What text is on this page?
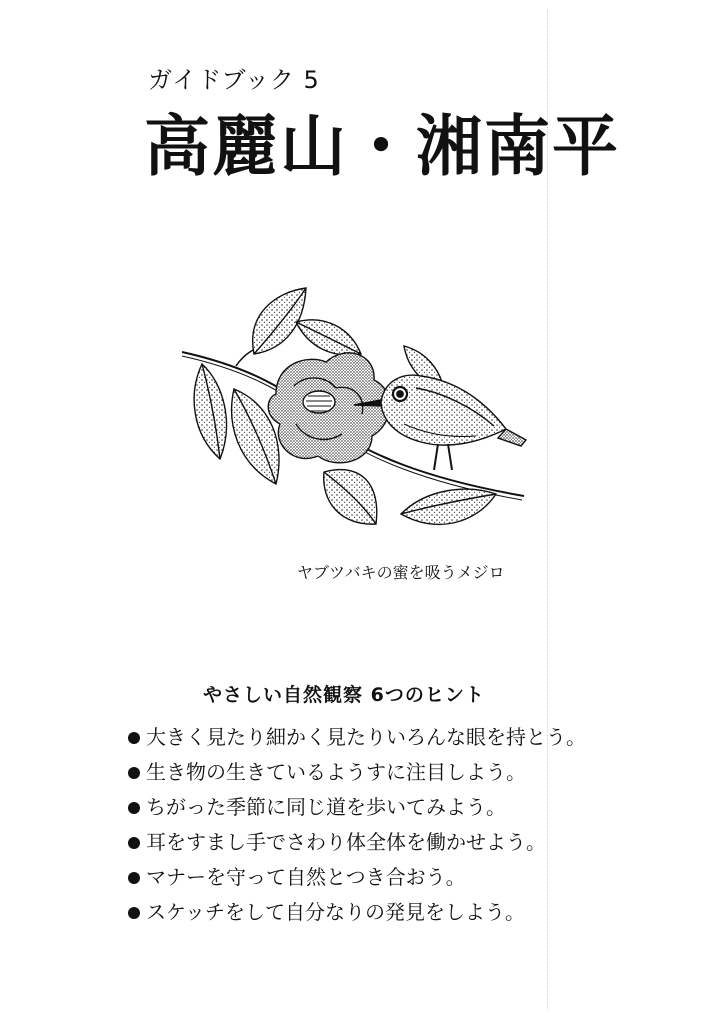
ガイドブック 5
高麗山・湘南平
ヤブツバキの蜜を吸うメジロ
やさしい自然観察 6つのヒント
大きく見たり細かく見たりいろんな眼を持とう。
生き物の生きているようすに注目しよう。
ちがった季節に同じ道を歩いてみよう。
耳をすまし手でさわり体全体を働かせよう。
マナーを守って自然とつき合おう。
スケッチをして自分なりの発見をしよう。
